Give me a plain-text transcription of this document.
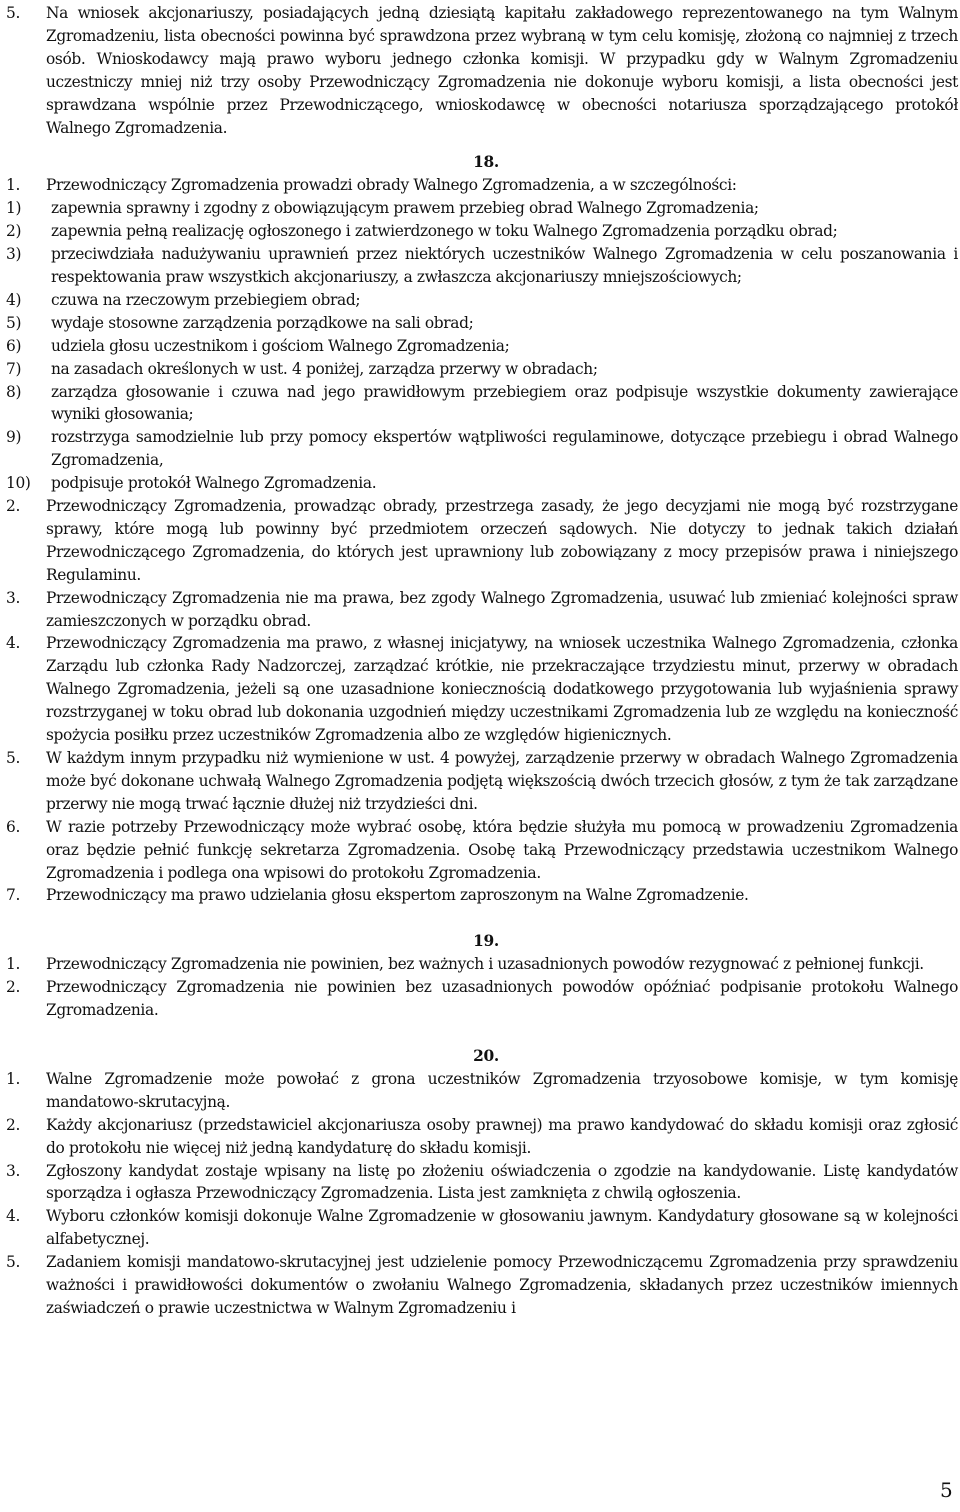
5. Na wniosek akcjonariuszy, posiadających jedną dziesiątą kapitału zakładowego reprezentowanego na tym Walnym Zgromadzeniu, lista obecności powinna być sprawdzona przez wybraną w tym celu komisję, złożoną co najmniej z trzech osób. Wnioskodawcy mają prawo wyboru jednego członka komisji. W przypadku gdy w Walnym Zgromadzeniu uczestniczy mniej niż trzy osoby Przewodniczący Zgromadzenia nie dokonuje wyboru komisji, a lista obecności jest sprawdzana wspólnie przez Przewodniczącego, wnioskodawcę w obecności notariusza sporządzającego protokół Walnego Zgromadzenia.
18.
1. Przewodniczący Zgromadzenia prowadzi obrady Walnego Zgromadzenia, a w szczególności:
1) zapewnia sprawny i zgodny z obowiązującym prawem przebieg obrad Walnego Zgromadzenia;
2) zapewnia pełną realizację ogłoszonego i zatwierdzonego w toku Walnego Zgromadzenia porządku obrad;
3) przeciwdziała nadużywaniu uprawnień przez niektórych uczestników Walnego Zgromadzenia w celu poszanowania i respektowania praw wszystkich akcjonariuszy, a zwłaszcza akcjonariuszy mniejszościowych;
4) czuwa na rzeczowym przebiegiem obrad;
5) wydaje stosowne zarządzenia porządkowe na sali obrad;
6) udziela głosu uczestnikom i gościom Walnego Zgromadzenia;
7) na zasadach określonych w ust. 4 poniżej, zarządza przerwy w obradach;
8) zarządza głosowanie i czuwa nad jego prawidłowym przebiegiem oraz podpisuje wszystkie dokumenty zawierające wyniki głosowania;
9) rozstrzyga samodzielnie lub przy pomocy ekspertów wątpliwości regulaminowe, dotyczące przebiegu i obrad Walnego Zgromadzenia,
10) podpisuje protokół Walnego Zgromadzenia.
2. Przewodniczący Zgromadzenia, prowadząc obrady, przestrzega zasady, że jego decyzjami nie mogą być rozstrzygane sprawy, które mogą lub powinny być przedmiotem orzeczeń sądowych. Nie dotyczy to jednak takich działań Przewodniczącego Zgromadzenia, do których jest uprawniony lub zobowiązany z mocy przepisów prawa i niniejszego Regulaminu.
3. Przewodniczący Zgromadzenia nie ma prawa, bez zgody Walnego Zgromadzenia, usuwać lub zmieniać kolejności spraw zamieszczonych w porządku obrad.
4. Przewodniczący Zgromadzenia ma prawo, z własnej inicjatywy, na wniosek uczestnika Walnego Zgromadzenia, członka Zarządu lub członka Rady Nadzorczej, zarządzać krótkie, nie przekraczające trzydziestu minut, przerwy w obradach Walnego Zgromadzenia, jeżeli są one uzasadnione koniecznością dodatkowego przygotowania lub wyjaśnienia sprawy rozstrzyganej w toku obrad lub dokonania uzgodnień między uczestnikami Zgromadzenia lub ze względu na konieczność spożycia posiłku przez uczestników Zgromadzenia albo ze względów higienicznych.
5. W każdym innym przypadku niż wymienione w ust. 4 powyżej, zarządzenie przerwy w obradach Walnego Zgromadzenia może być dokonane uchwałą Walnego Zgromadzenia podjętą większością dwóch trzecich głosów, z tym że tak zarządzane przerwy nie mogą trwać łącznie dłużej niż trzydzieści dni.
6. W razie potrzeby Przewodniczący może wybrać osobę, która będzie służyła mu pomocą w prowadzeniu Zgromadzenia oraz będzie pełnić funkcję sekretarza Zgromadzenia. Osobę taką Przewodniczący przedstawia uczestnikom Walnego Zgromadzenia i podlega ona wpisowi do protokołu Zgromadzenia.
7. Przewodniczący ma prawo udzielania głosu ekspertom zaproszonym na Walne Zgromadzenie.
19.
1. Przewodniczący Zgromadzenia nie powinien, bez ważnych i uzasadnionych powodów rezygnować z pełnionej funkcji.
2. Przewodniczący Zgromadzenia nie powinien bez uzasadnionych powodów opóźniać podpisanie protokołu Walnego Zgromadzenia.
20.
1. Walne Zgromadzenie może powołać z grona uczestników Zgromadzenia trzyosobowe komisje, w tym komisję mandatowo-skrutacyjną.
2. Każdy akcjonariusz (przedstawiciel akcjonariusza osoby prawnej) ma prawo kandydować do składu komisji oraz zgłosić do protokołu nie więcej niż jedną kandydaturę do składu komisji.
3. Zgłoszony kandydat zostaje wpisany na listę po złożeniu oświadczenia o zgodzie na kandydowanie. Listę kandydatów sporządza i ogłasza Przewodniczący Zgromadzenia. Lista jest zamknięta z chwilą ogłoszenia.
4. Wyboru członków komisji dokonuje Walne Zgromadzenie w głosowaniu jawnym. Kandydatury głosowane są w kolejności alfabetycznej.
5. Zadaniem komisji mandatowo-skrutacyjnej jest udzielenie pomocy Przewodniczącemu Zgromadzenia przy sprawdzeniu ważności i prawidłowości dokumentów o zwołaniu Walnego Zgromadzenia, składanych przez uczestników imiennych zaświadczeń o prawie uczestnictwa w Walnym Zgromadzeniu i
5
